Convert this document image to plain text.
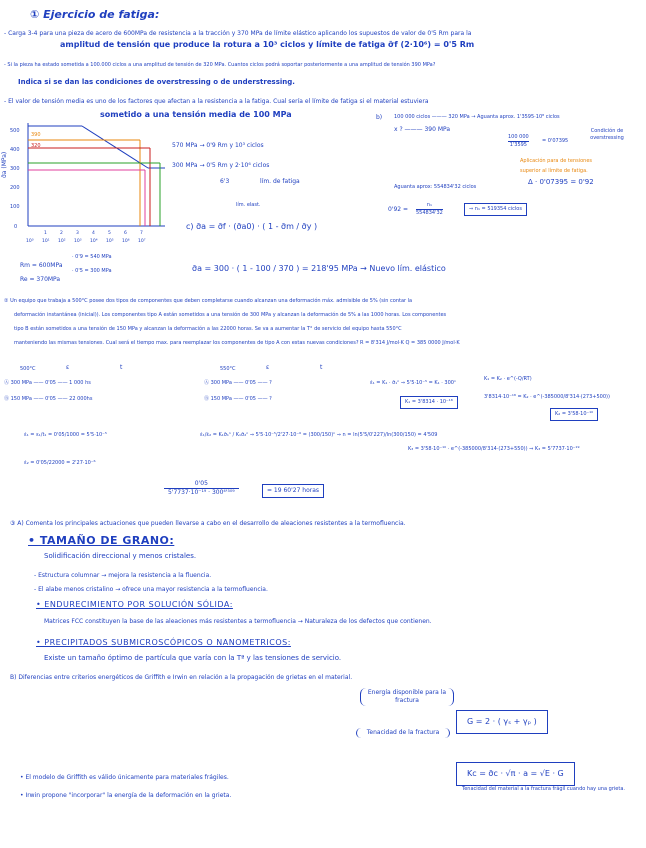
① Ejercicio de fatiga:
- Carga 3-4 para una pieza de acero de 600MPa de resistencia a la tracción y 370 MPa de límite elástico aplicando los supuestos de valor de 0'5 Rm para la
amplitud de tensión que produce la rotura a 10³ ciclos y límite de fatiga σ̄f (2·10⁶) = 0'5 Rm
- Si la pieza ha estado sometida a 100.000 ciclos a una amplitud de tensión de 320 MPa. Cuantos ciclos podrá soportar posteriormente a una amplitud de tensión 390 MPa?
Indica si se dan las condiciones de overstressing o de understressing.
- El valor de tensión media es uno de los factores que afectan a la resistencia a la fatiga. Cual sería el límite de fatiga si el material estuviera
sometido a una tensión media de 100 MPa
σ̄a (MPa)
500
400
300
200
100
0
390
320
1	2	3	4	5	6	7
10⁰ 10¹ 10² 10³ 10⁴ 10⁵ 10⁶ 10⁷
570 MPa → 0'9 Rm y 10³ ciclos
300 MPa → 0'5 Rm y 2·10⁶ ciclos
6'3	lím. de fatiga
Rm = 600MPa
Re = 370MPa
· 0'9 = 540 MPa
· 0'5 = 300 MPa
b) 100 000 ciclos ——— 320 MPa → Aguanta aprox. 1'3595·10⁸ ciclos
x ? ——— 390 MPa
$\frac{100 000}{1'3595}$	= 0'07395
Condición de overstressing
Aplicación para de tensiones
superior al límite de fatiga.
Δ · 0'07395 = 0'92
Aguanta aprox: 554834'32 ciclos
$0'92 = \frac{\text{n₁}}{554834'32}$	⇒ n₁ = 519354 ciclos
lím. elast.
c) σ̄a = σ̄f · (σ̄a0) · ( 1 - σ̄m / σ̄y )
σ̄a = 300 · ( 1 - 100 / 370 ) = 218'95 MPa → Nuevo lím. elástico
② Un equipo que trabaja a 500°C posee dos tipos de componentes que deben completarse cuando alcanzan una deformación máx. admisible de 5% (sin contar la
deformación instantánea (inicial)). Los componentes tipo A están sometidos a una tensión de 300 MPa y alcanzan la deformación de 5% a las 1000 horas. Los componentes
tipo B están sometidos a una tensión de 150 MPa y alcanzan la deformación a las 22000 horas. Se va a aumentar la T° de servicio del equipo hasta 550°C
manteniendo las mismas tensiones. Cual será el tiempo max. para reemplazar los componentes de tipo A con estas nuevas condiciones? R = 8'314 J/mol·K Q = 385 0000 J/mol·K
500°C	ε	t
Ⓐ 300 MPa —— 0'05 —— 1 000 hs
Ⓑ 150 MPa —— 0'05 —— 22 000hs
550°C	ε	t
Ⓐ 300 MPa —— 0'05 —— ?
Ⓑ 150 MPa —— 0'05 —— ?
ε̇₁ = K₁ · σ̄₁ⁿ ⇒ 5'5·10⁻⁵ = K₁ · 300ⁿ
K₁ = 3'8314 · 10⁻¹⁸
K₁ = K₂ · e^(-Q/RT)
3'8314·10⁻¹⁸ = K₂ · e^(-385000/8'314·(273+500))
K₂ = 3'58·10⁻¹⁰
ε̇₁ = ε₁/t₁ = 0'05/1000 = 5'5·10⁻⁵
ε̇₂ = 0'05/22000 = 2'27·10⁻⁶
ε̇₁/ε̇₂ = K₁σ̄₁ⁿ / K₁σ̄₂ⁿ ⇒ 5'5·10⁻⁵/2'27·10⁻⁶ = (300/150)ⁿ ⇒ n = ln(5'5/0'227)/ln(300/150) = 4'509
K₃ = 3'58·10⁻¹⁰ · e^(-385000/8'314·(273+550)) ⇒ K₃ = 5'7737·10⁻¹⁹
$\frac{0'05}{\text{5'7737·10⁻¹⁹ · 300⁴'⁵⁰⁹}}$	= 19 60'27 horas
③ A) Comenta los principales actuaciones que pueden llevarse a cabo en el desarrollo de aleaciones resistentes a la termofluencia.
• TAMAÑO DE GRANO:
Solidificación direccional y menos cristales.
- Estructura columnar → mejora la resistencia a la fluencia.
- El alabe menos cristalino → ofrece una mayor resistencia a la termofluencia.
• ENDURECIMIENTO POR SOLUCIÓN SÓLIDA:
Matrices FCC constituyen la base de las aleaciones más resistentes a termofluencia → Naturaleza de los defectos que contienen.
• PRECIPITADOS SUBMICROSCÓPICOS O NANOMETRICOS:
Existe un tamaño óptimo de partícula que varía con la Tª y las tensiones de servicio.
B) Diferencias entre criterios energéticos de Griffith e Irwin en relación a la propagación de grietas en el material.
Energía disponible para la fractura
Tenacidad de la fractura
G = 2 · ( γₛ + γₚ )
Kc = σ̄c · √π · a = √E · G
Tenacidad del material a la fractura frágil cuando hay una grieta.
• El modelo de Griffith es válido únicamente para materiales frágiles.
• Irwin propone "incorporar" la energía de la deformación en la grieta.
